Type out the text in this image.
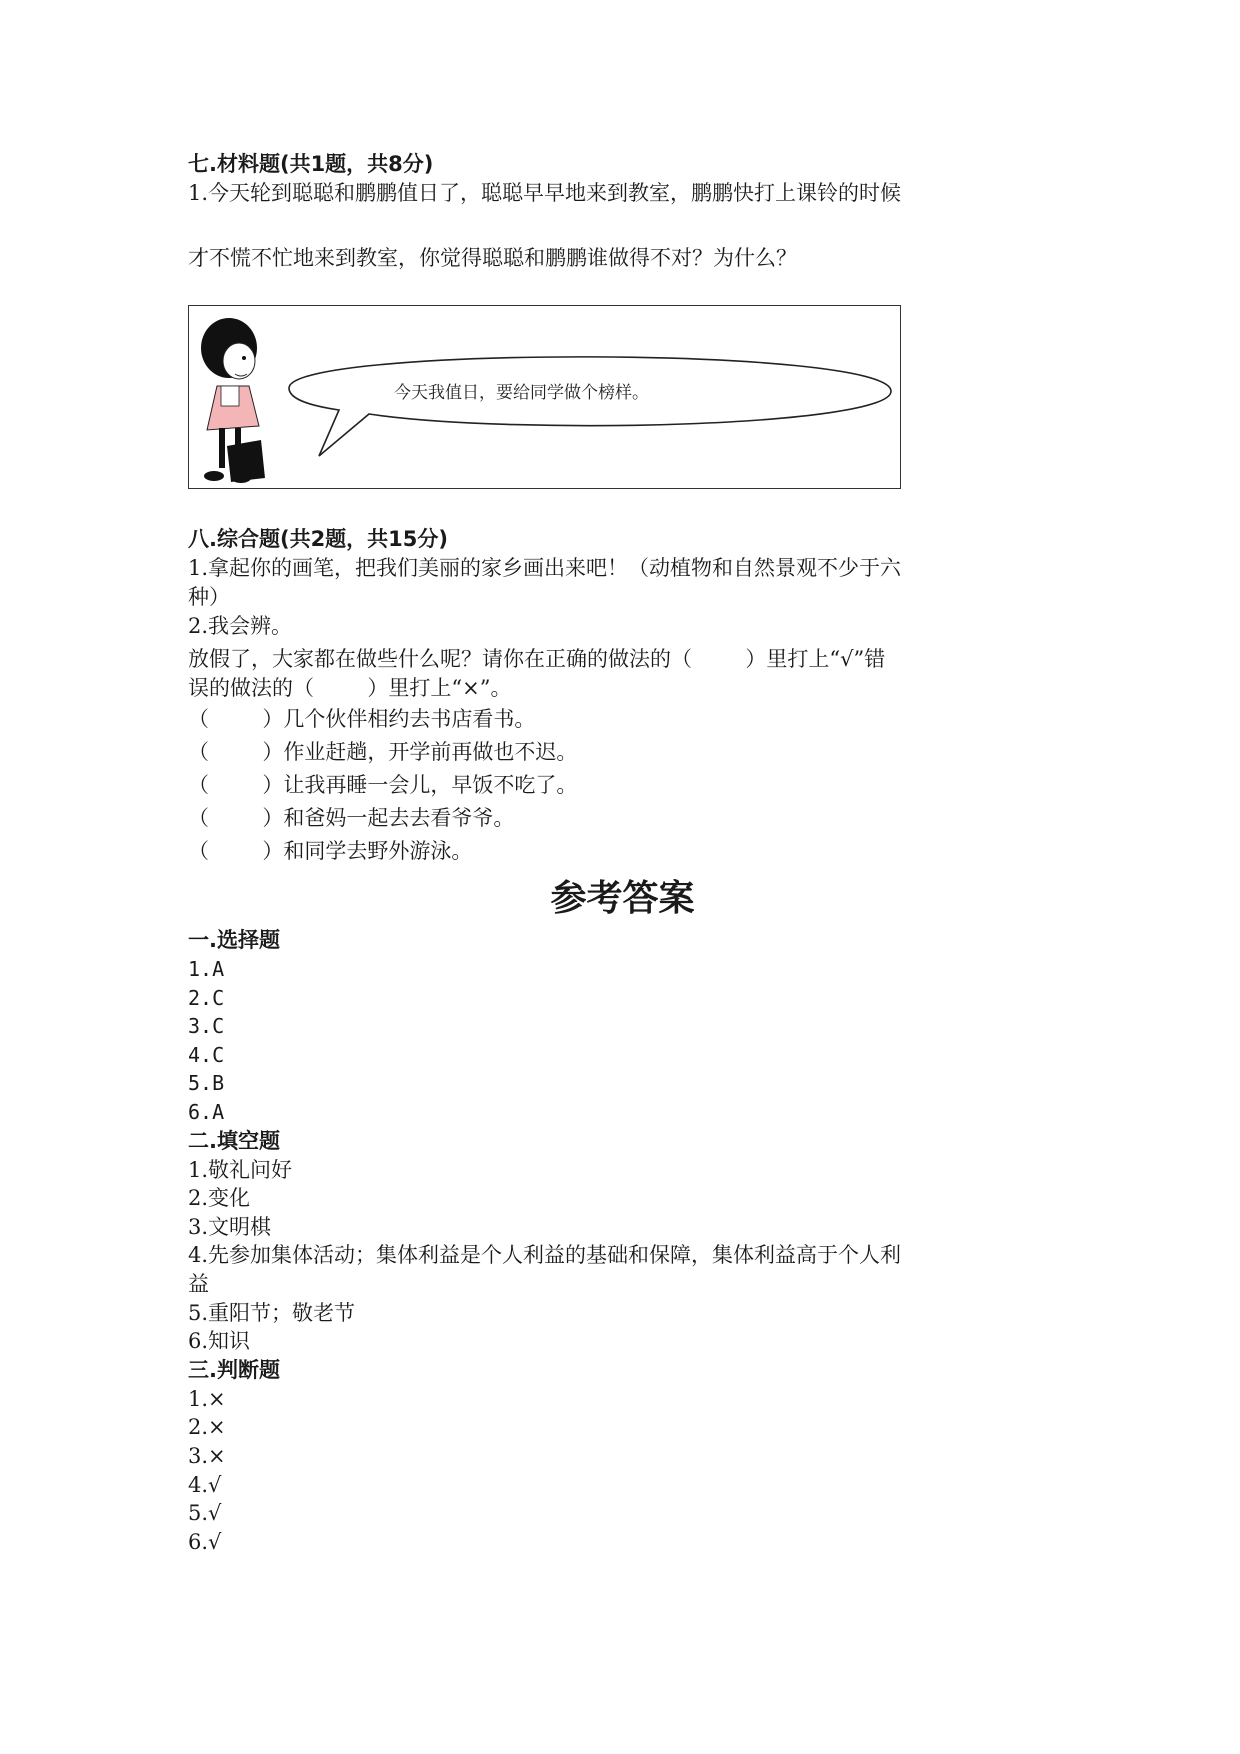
七.材料题(共1题，共8分)

1.今天轮到聪聪和鹏鹏值日了，聪聪早早地来到教室，鹏鹏快打上课铃的时候

才不慌不忙地来到教室，你觉得聪聪和鹏鹏谁做得不对？为什么？

今天我值日，要给同学做个榜样。

八.综合题(共2题，共15分)

1.拿起你的画笔，把我们美丽的家乡画出来吧！（动植物和自然景观不少于六

种）

2.我会辨。

放假了，大家都在做些什么呢？请你在正确的做法的（        ）里打上“√”错

误的做法的（        ）里打上“×”。

（        ）几个伙伴相约去书店看书。

（        ）作业赶趟，开学前再做也不迟。

（        ）让我再睡一会儿，早饭不吃了。

（        ）和爸妈一起去去看爷爷。

（        ）和同学去野外游泳。

参考答案

一.选择题

1.A

2.C

3.C

4.C

5.B

6.A

二.填空题

1.敬礼问好

2.变化

3.文明棋

4.先参加集体活动；集体利益是个人利益的基础和保障，集体利益高于个人利

益

5.重阳节；敬老节

6.知识

三.判断题

1.×

2.×

3.×

4.√

5.√

6.√
